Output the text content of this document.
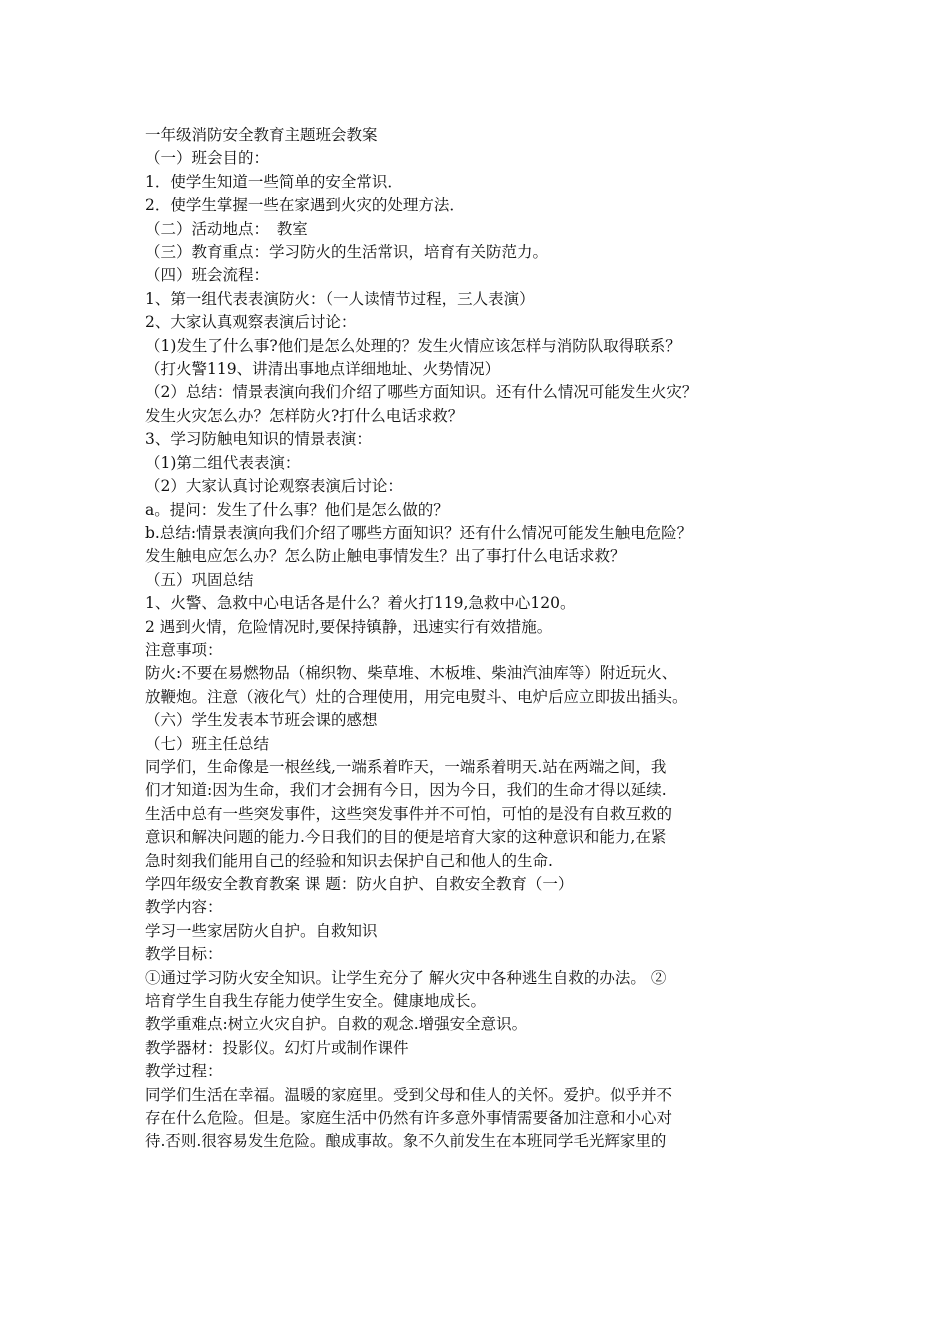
一年级消防安全教育主题班会教案
（一）班会目的：
1．使学生知道一些简单的安全常识．
2．使学生掌握一些在家遇到火灾的处理方法．
（二）活动地点：　教室
（三）教育重点：学习防火的生活常识，培育有关防范力。
（四）班会流程：
1、第一组代表表演防火：（一人读情节过程，三人表演）
2、大家认真观察表演后讨论：
（1)发生了什么事?他们是怎么处理的？发生火情应该怎样与消防队取得联系？
（打火警119、讲清出事地点详细地址、火势情况）
（2）总结：情景表演向我们介绍了哪些方面知识。还有什么情况可能发生火灾？
发生火灾怎么办？怎样防火?打什么电话求救？
3、学习防触电知识的情景表演：
（1)第二组代表表演：
（2）大家认真讨论观察表演后讨论：
a。提问：发生了什么事？他们是怎么做的？
b.总结:情景表演向我们介绍了哪些方面知识？还有什么情况可能发生触电危险？
发生触电应怎么办？怎么防止触电事情发生？出了事打什么电话求救？
（五）巩固总结
1、火警、急救中心电话各是什么？着火打119,急救中心120。
2 遇到火情，危险情况时,要保持镇静，迅速实行有效措施。
注意事项：
防火:不要在易燃物品（棉织物、柴草堆、木板堆、柴油汽油库等）附近玩火、
放鞭炮。注意（液化气）灶的合理使用，用完电熨斗、电炉后应立即拔出插头。
（六）学生发表本节班会课的感想
（七）班主任总结
同学们，生命像是一根丝线,一端系着昨天，一端系着明天.站在两端之间，我
们才知道:因为生命，我们才会拥有今日，因为今日，我们的生命才得以延续.
生活中总有一些突发事件，这些突发事件并不可怕，可怕的是没有自救互救的
意识和解决问题的能力.今日我们的目的便是培育大家的这种意识和能力,在紧
急时刻我们能用自己的经验和知识去保护自己和他人的生命.
学四年级安全教育教案 课 题：防火自护、自救安全教育（一）
教学内容：
学习一些家居防火自护。自救知识
教学目标：
①通过学习防火安全知识。让学生充分了 解火灾中各种逃生自救的办法。 ②
培育学生自我生存能力使学生安全。健康地成长。
教学重难点:树立火灾自护。自救的观念.增强安全意识。
教学器材：投影仪。幻灯片或制作课件
教学过程：
同学们生活在幸福。温暖的家庭里。受到父母和佳人的关怀。爱护。似乎并不
存在什么危险。但是。家庭生活中仍然有许多意外事情需要备加注意和小心对
待.否则.很容易发生危险。酿成事故。象不久前发生在本班同学毛光辉家里的
